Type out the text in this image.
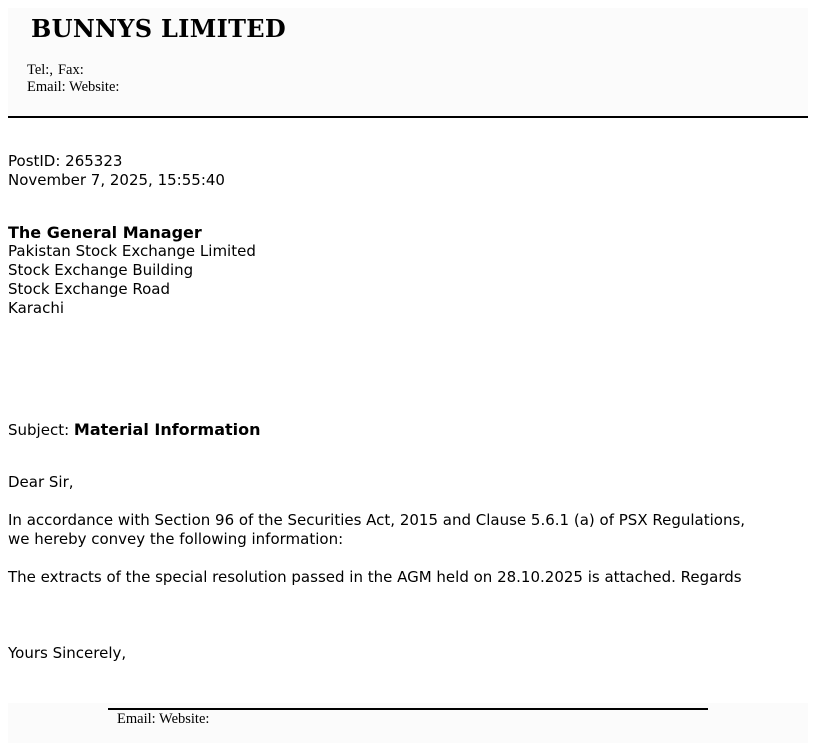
BUNNYS LIMITED
Tel:, Fax:
Email: Website:
PostID: 265323
November 7, 2025, 15:55:40
The General Manager
Pakistan Stock Exchange Limited
Stock Exchange Building
Stock Exchange Road
Karachi
Subject: Material Information
Dear Sir,
In accordance with Section 96 of the Securities Act, 2015 and Clause 5.6.1 (a) of PSX Regulations,
we hereby convey the following information:
The extracts of the special resolution passed in the AGM held on 28.10.2025 is attached. Regards
Yours Sincerely,
Email: Website:
